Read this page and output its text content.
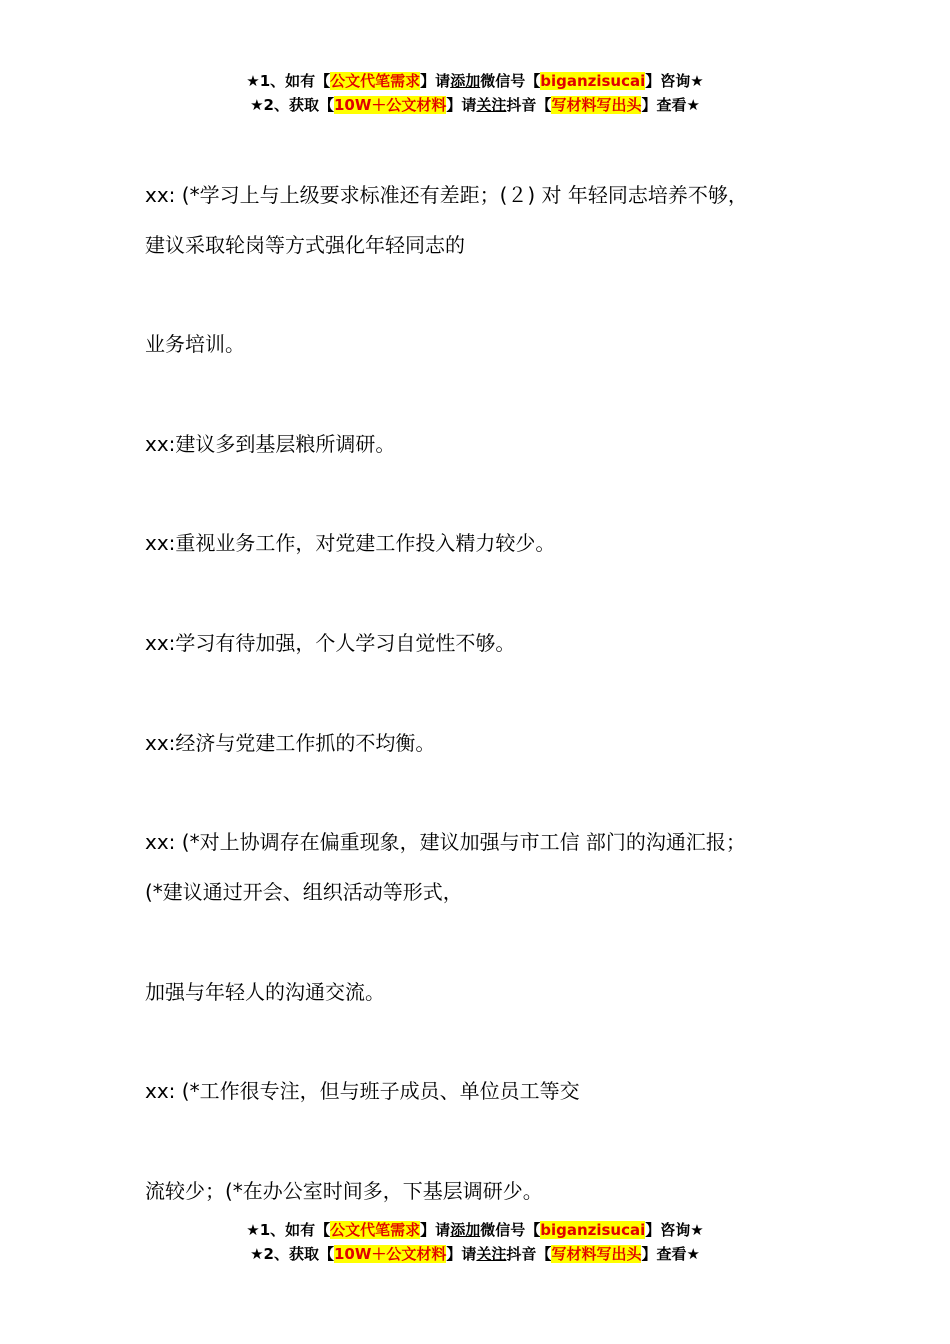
★1、如有【公文代笔需求】请添加微信号【biganzisucai】咨询★
★2、获取【10W＋公文材料】请关注抖音【写材料写出头】查看★
xx: (*学习上与上级要求标准还有差距；(２) 对 年轻同志培养不够，
建议采取轮岗等方式强化年轻同志的
业务培训。
xx:建议多到基层粮所调研。
xx:重视业务工作，对党建工作投入精力较少。
xx:学习有待加强，个人学习自觉性不够。
xx:经济与党建工作抓的不均衡。
xx: (*对上协调存在偏重现象，建议加强与市工信 部门的沟通汇报；
(*建议通过开会、组织活动等形式，
加强与年轻人的沟通交流。
xx: (*工作很专注，但与班子成员、单位员工等交
流较少；(*在办公室时间多，下基层调研少。
★1、如有【公文代笔需求】请添加微信号【biganzisucai】咨询★
★2、获取【10W＋公文材料】请关注抖音【写材料写出头】查看★
